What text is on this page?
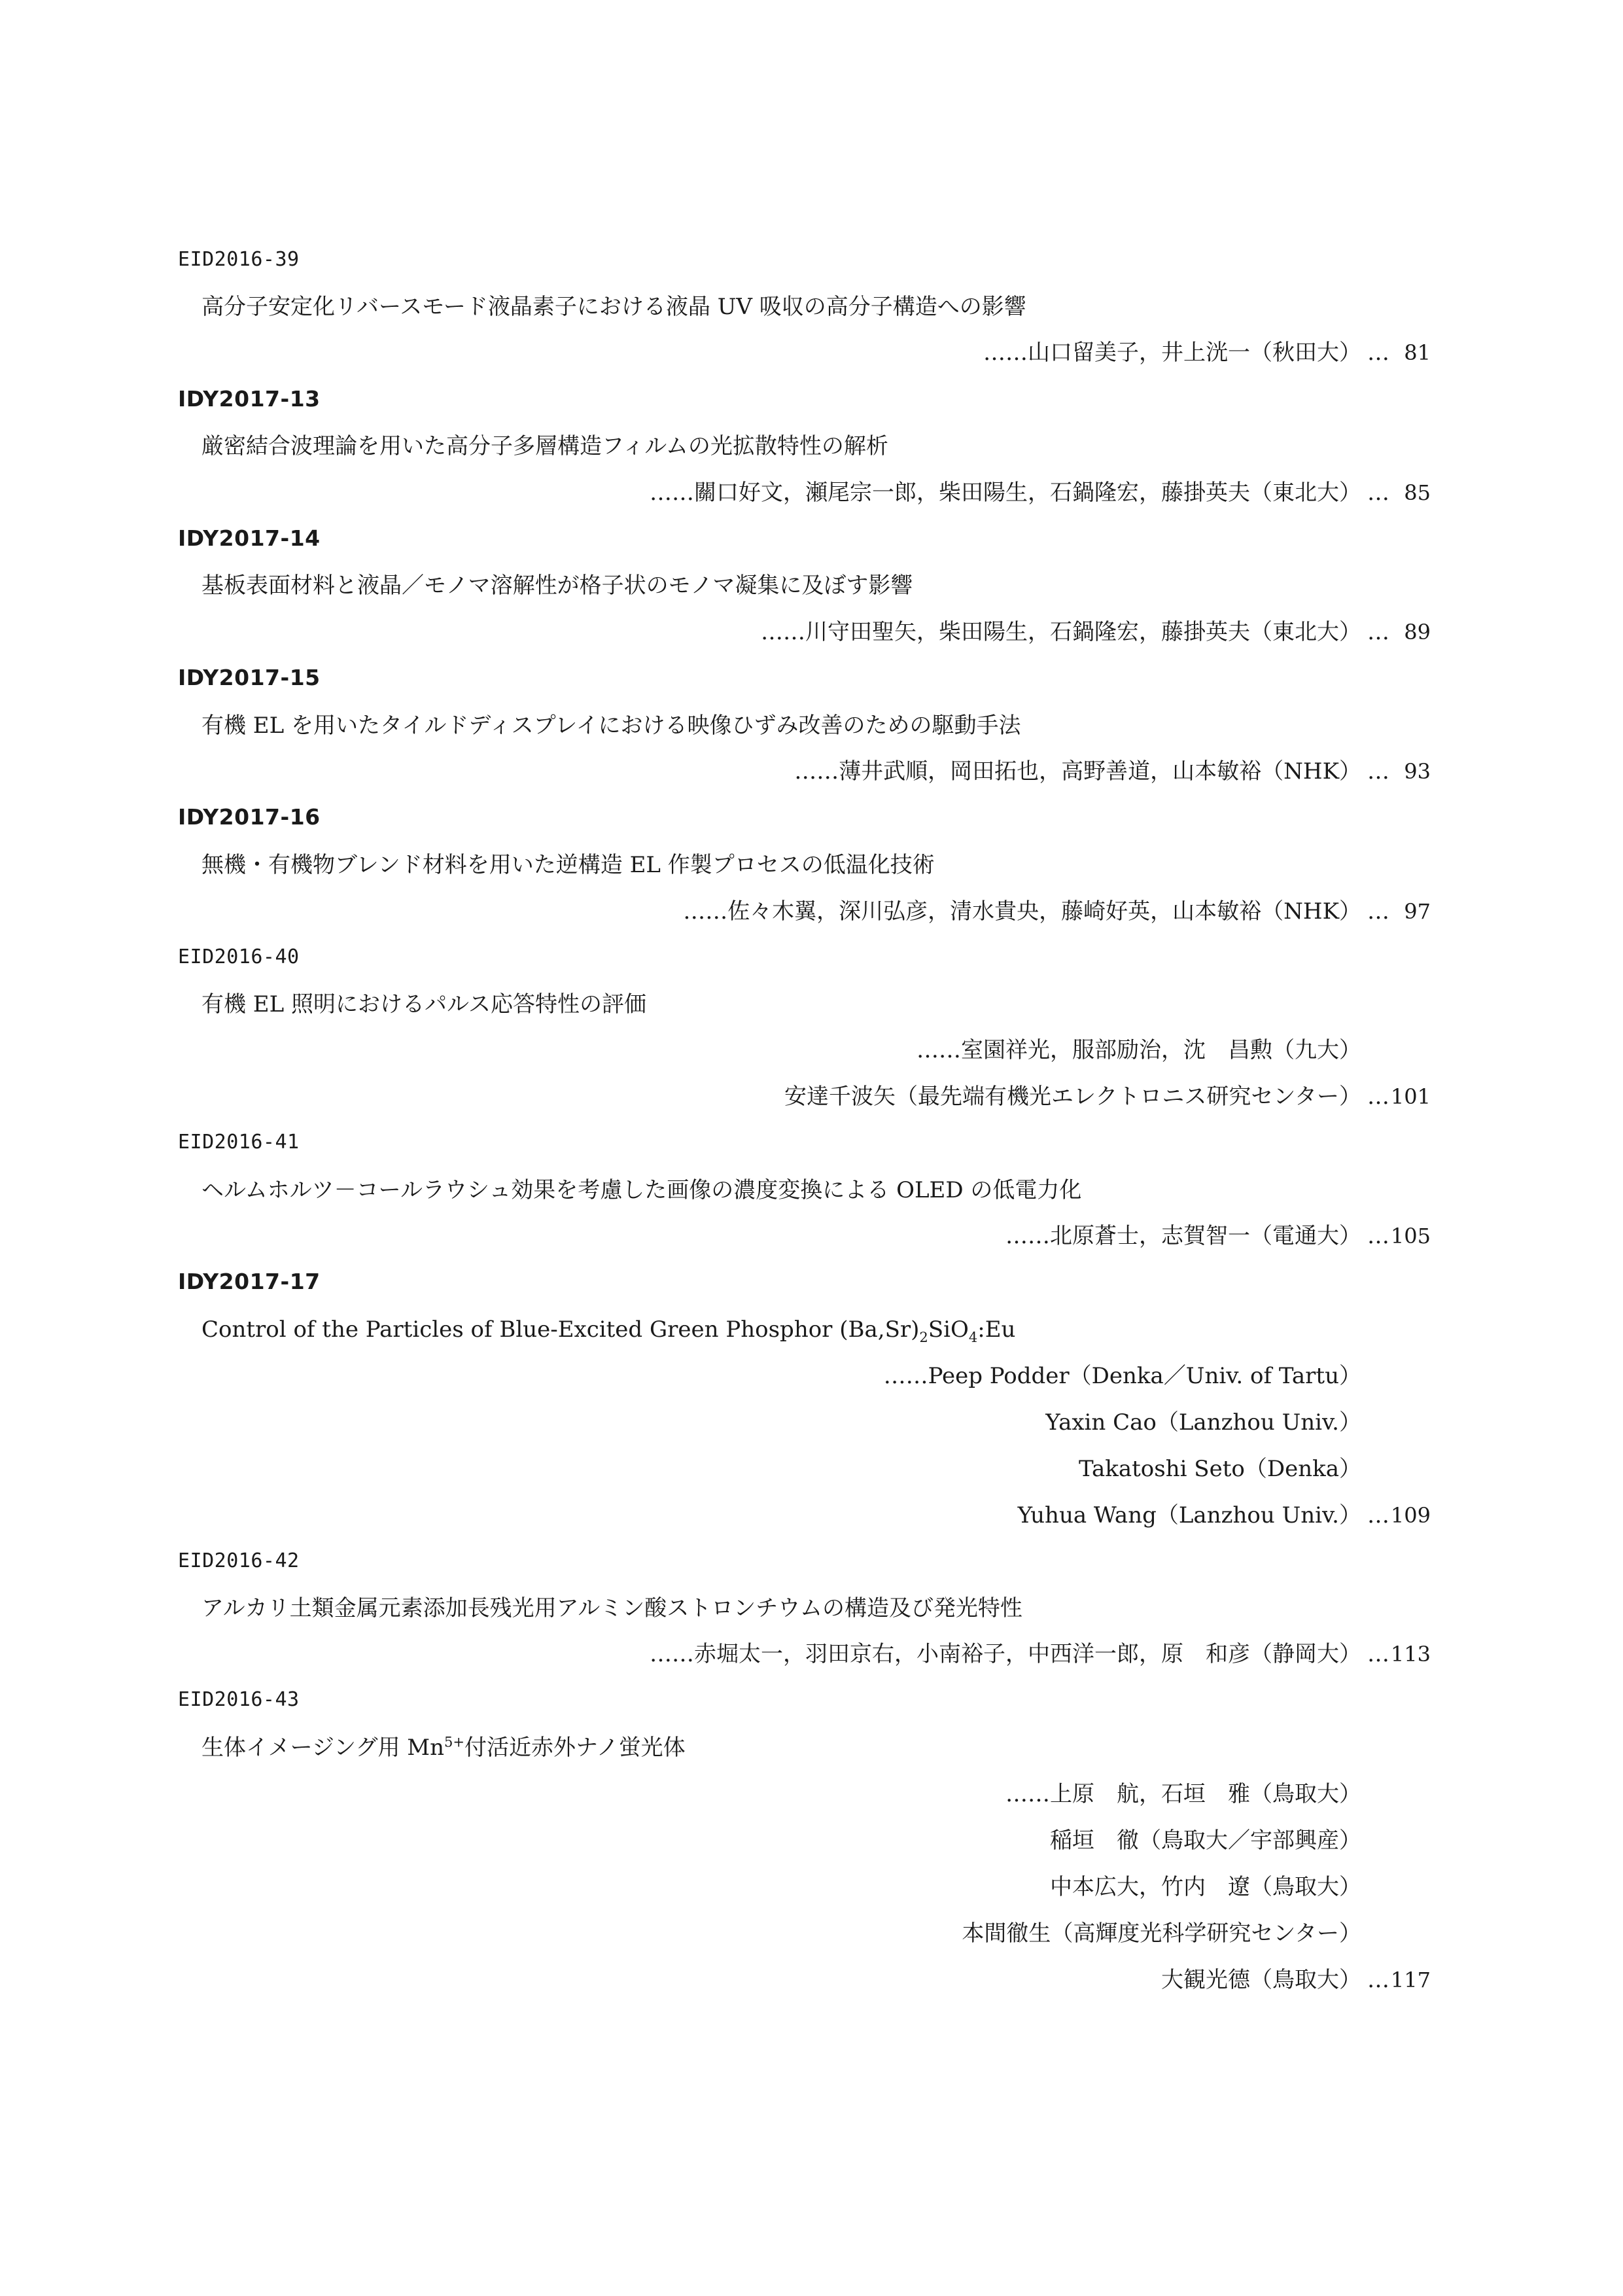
EID2016-39
高分子安定化リバースモード液晶素子における液晶 UV 吸収の高分子構造への影響
……山口留美子，井上洸一（秋田大） … 81
IDY2017-13
厳密結合波理論を用いた高分子多層構造フィルムの光拡散特性の解析
……關口好文，瀬尾宗一郎，柴田陽生，石鍋隆宏，藤掛英夫（東北大） … 85
IDY2017-14
基板表面材料と液晶／モノマ溶解性が格子状のモノマ凝集に及ぼす影響
……川守田聖矢，柴田陽生，石鍋隆宏，藤掛英夫（東北大） … 89
IDY2017-15
有機 EL を用いたタイルドディスプレイにおける映像ひずみ改善のための駆動手法
……薄井武順，岡田拓也，高野善道，山本敏裕（NHK） … 93
IDY2017-16
無機・有機物ブレンド材料を用いた逆構造 EL 作製プロセスの低温化技術
……佐々木翼，深川弘彦，清水貴央，藤崎好英，山本敏裕（NHK） … 97
EID2016-40
有機 EL 照明におけるパルス応答特性の評価
……室園祥光，服部励治，沈　昌勲（九大）
安達千波矢（最先端有機光エレクトロニス研究センター） … 101
EID2016-41
ヘルムホルツ－コールラウシュ効果を考慮した画像の濃度変換による OLED の低電力化
……北原蒼士，志賀智一（電通大） … 105
IDY2017-17
Control of the Particles of Blue-Excited Green Phosphor $(Ba,Sr)_2SiO_4:Eu$
……Peep Podder（Denka／Univ. of Tartu）
Yaxin Cao（Lanzhou Univ.）
Takatoshi Seto（Denka）
Yuhua Wang（Lanzhou Univ.） … 109
EID2016-42
アルカリ土類金属元素添加長残光用アルミン酸ストロンチウムの構造及び発光特性
……赤堀太一，羽田京右，小南裕子，中西洋一郎，原　和彦（静岡大） … 113
EID2016-43
生体イメージング用 $Mn^{5+}$付活近赤外ナノ蛍光体
……上原　航，石垣　雅（鳥取大）
稲垣　徹（鳥取大／宇部興産）
中本広大，竹内　遼（鳥取大）
本間徹生（高輝度光科学研究センター）
大観光德（鳥取大） … 117
